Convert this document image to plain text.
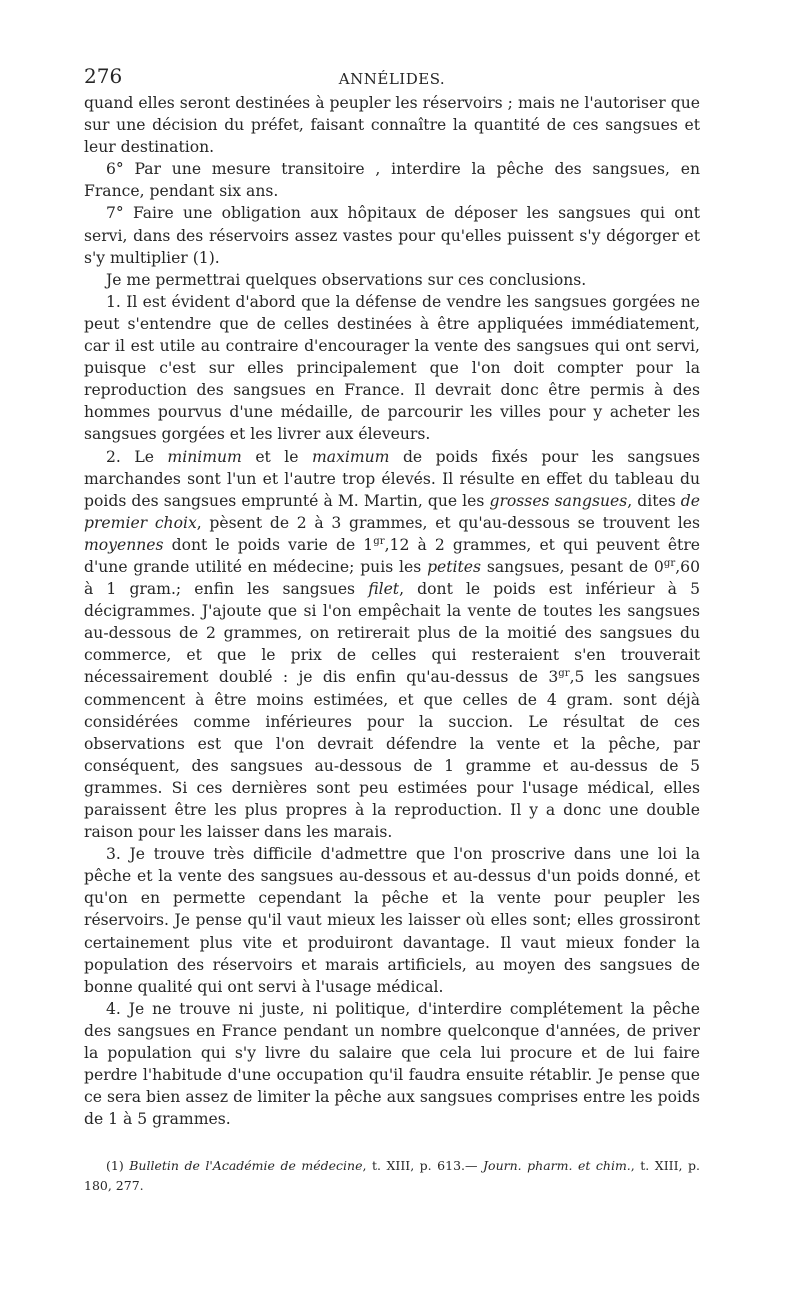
276	ANNÉLIDES.

quand elles seront destinées à peupler les réservoirs ; mais ne l'autoriser que sur une décision du préfet, faisant connaître la quantité de ces sangsues et leur destination.

6° Par une mesure transitoire , interdire la pêche des sangsues, en France, pendant six ans.

7° Faire une obligation aux hôpitaux de déposer les sangsues qui ont servi, dans des réservoirs assez vastes pour qu'elles puissent s'y dégorger et s'y multiplier (1).

Je me permettrai quelques observations sur ces conclusions.

1. Il est évident d'abord que la défense de vendre les sangsues gorgées ne peut s'entendre que de celles destinées à être appliquées immédiatement, car il est utile au contraire d'encourager la vente des sangsues qui ont servi, puisque c'est sur elles principalement que l'on doit compter pour la reproduction des sangsues en France. Il devrait donc être permis à des hommes pourvus d'une médaille, de parcourir les villes pour y acheter les sangsues gorgées et les livrer aux éleveurs.

2. Le minimum et le maximum de poids fixés pour les sangsues marchandes sont l'un et l'autre trop élevés. Il résulte en effet du tableau du poids des sangsues emprunté à M. Martin, que les grosses sangsues, dites de premier choix, pèsent de 2 à 3 grammes, et qu'au-dessous se trouvent les moyennes dont le poids varie de $1^{gr},12$ à 2 grammes, et qui peuvent être d'une grande utilité en médecine; puis les petites sangsues, pesant de $0^{gr},60$ à 1 gram.; enfin les sangsues filet, dont le poids est inférieur à 5 décigrammes. J'ajoute que si l'on empêchait la vente de toutes les sangsues au-dessous de 2 grammes, on retirerait plus de la moitié des sangsues du commerce, et que le prix de celles qui resteraient s'en trouverait nécessairement doublé : je dis enfin qu'au-dessus de $3^{gr},5$ les sangsues commencent à être moins estimées, et que celles de 4 gram. sont déjà considérées comme inférieures pour la succion. Le résultat de ces observations est que l'on devrait défendre la vente et la pêche, par conséquent, des sangsues au-dessous de 1 gramme et au-dessus de 5 grammes. Si ces dernières sont peu estimées pour l'usage médical, elles paraissent être les plus propres à la reproduction. Il y a donc une double raison pour les laisser dans les marais.

3. Je trouve très difficile d'admettre que l'on proscrive dans une loi la pêche et la vente des sangsues au-dessous et au-dessus d'un poids donné, et qu'on en permette cependant la pêche et la vente pour peupler les réservoirs. Je pense qu'il vaut mieux les laisser où elles sont; elles grossiront certainement plus vite et produiront davantage. Il vaut mieux fonder la population des réservoirs et marais artificiels, au moyen des sangsues de bonne qualité qui ont servi à l'usage médical.

4. Je ne trouve ni juste, ni politique, d'interdire complétement la pêche des sangsues en France pendant un nombre quelconque d'années, de priver la population qui s'y livre du salaire que cela lui procure et de lui faire perdre l'habitude d'une occupation qu'il faudra ensuite rétablir. Je pense que ce sera bien assez de limiter la pêche aux sangsues comprises entre les poids de 1 à 5 grammes.

(1) Bulletin de l'Académie de médecine, t. XIII, p. 613.— Journ. pharm. et chim., t. XIII, p. 180, 277.
